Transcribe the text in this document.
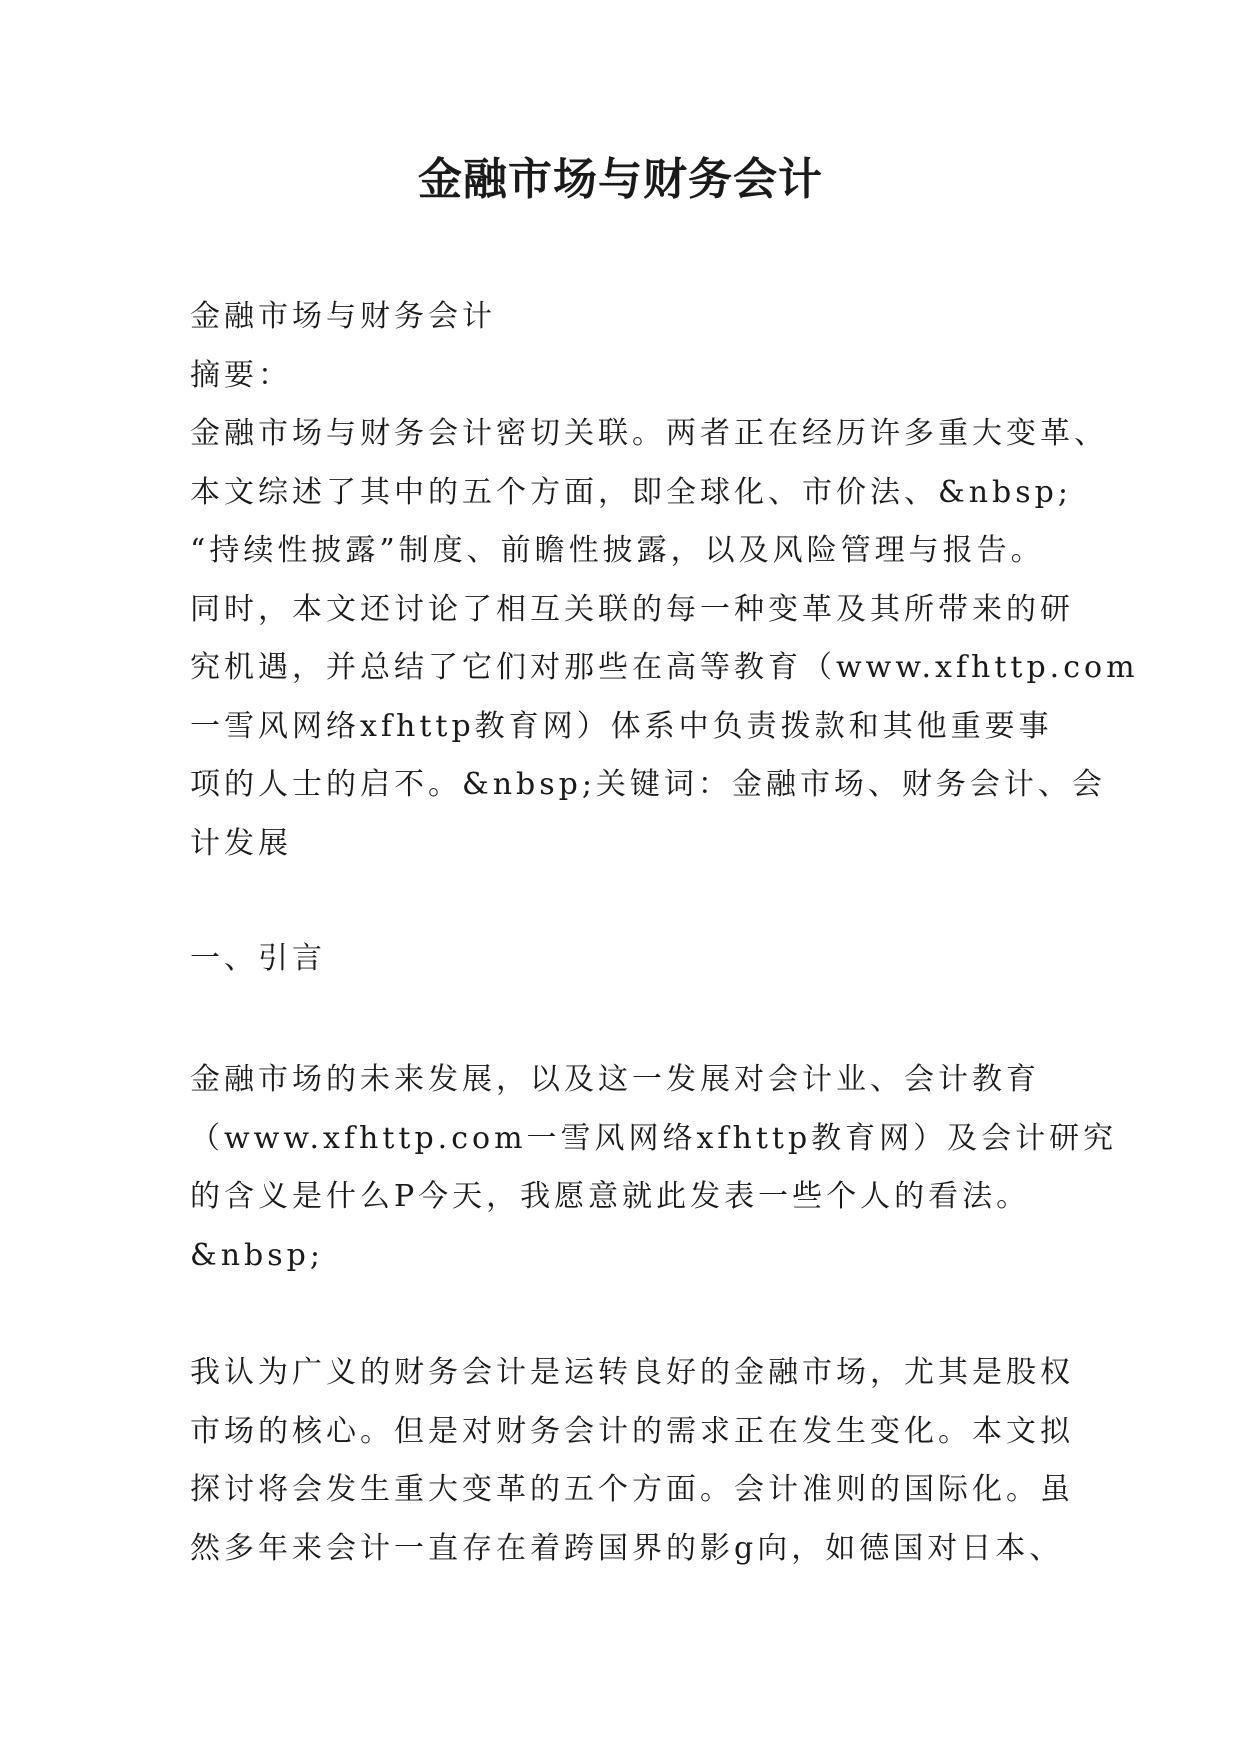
金融市场与财务会计
金融市场与财务会计
摘要：
金融市场与财务会计密切关联。两者正在经历许多重大变革、
本文综述了其中的五个方面，即全球化、市价法、&nbsp;
“持续性披露”制度、前瞻性披露，以及风险管理与报告。
同时，本文还讨论了相互关联的每一种变革及其所带来的研
究机遇，并总结了它们对那些在高等教育（www.xfhttp.com
一雪风网络xfhttp教育网）体系中负责拨款和其他重要事
项的人士的启不。&nbsp;关键词：金融市场、财务会计、会
计发展
一、引言
金融市场的未来发展，以及这一发展对会计业、会计教育
（www.xfhttp.com一雪风网络xfhttp教育网）及会计研究
的含义是什么P今天，我愿意就此发表一些个人的看法。
&nbsp;
我认为广义的财务会计是运转良好的金融市场，尤其是股权
市场的核心。但是对财务会计的需求正在发生变化。本文拟
探讨将会发生重大变革的五个方面。会计准则的国际化。虽
然多年来会计一直存在着跨国界的影g向，如德国对日本、
